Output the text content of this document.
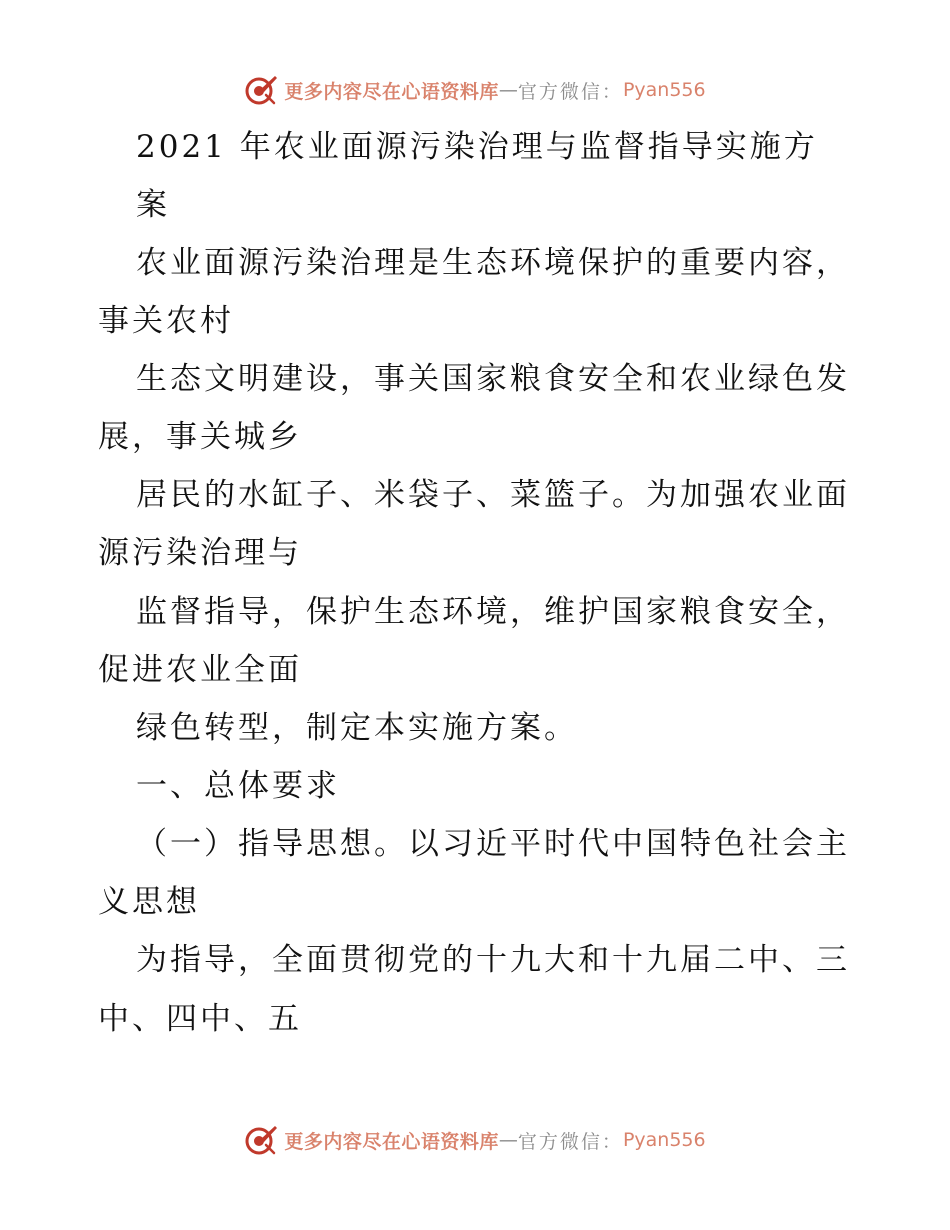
更多内容尽在心语资料库 — 官方微信： Pyan556
2021 年农业面源污染治理与监督指导实施方
案
农业面源污染治理是生态环境保护的重要内容，
事关农村
生态文明建设，事关国家粮食安全和农业绿色发
展，事关城乡
居民的水缸子、米袋子、菜篮子。为加强农业面
源污染治理与
监督指导，保护生态环境，维护国家粮食安全，
促进农业全面
绿色转型，制定本实施方案。
一、总体要求
（一）指导思想。以习近平时代中国特色社会主
义思想
为指导，全面贯彻党的十九大和十九届二中、三
中、四中、五
更多内容尽在心语资料库 — 官方微信： Pyan556
